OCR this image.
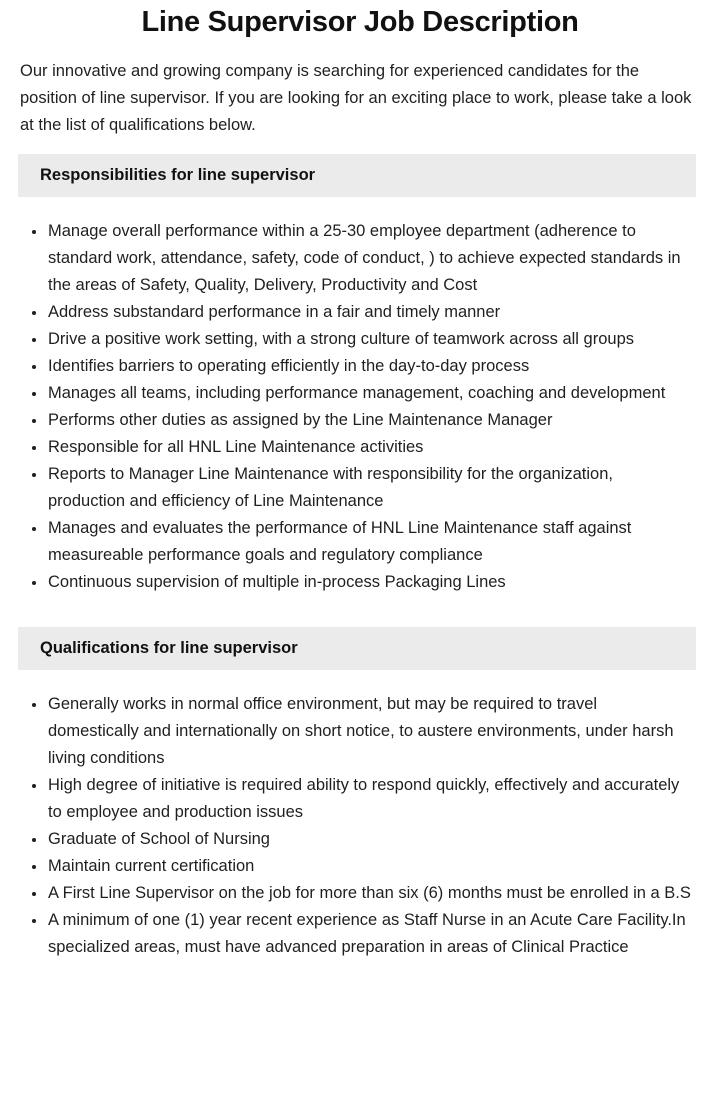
Line Supervisor Job Description

Our innovative and growing company is searching for experienced candidates for the position of line supervisor. If you are looking for an exciting place to work, please take a look at the list of qualifications below.

Responsibilities for line supervisor
• Manage overall performance within a 25-30 employee department (adherence to standard work, attendance, safety, code of conduct, ) to achieve expected standards in the areas of Safety, Quality, Delivery, Productivity and Cost
• Address substandard performance in a fair and timely manner
• Drive a positive work setting, with a strong culture of teamwork across all groups
• Identifies barriers to operating efficiently in the day-to-day process
• Manages all teams, including performance management, coaching and development
• Performs other duties as assigned by the Line Maintenance Manager
• Responsible for all HNL Line Maintenance activities
• Reports to Manager Line Maintenance with responsibility for the organization, production and efficiency of Line Maintenance
• Manages and evaluates the performance of HNL Line Maintenance staff against measureable performance goals and regulatory compliance
• Continuous supervision of multiple in-process Packaging Lines
Qualifications for line supervisor
• Generally works in normal office environment, but may be required to travel domestically and internationally on short notice, to austere environments, under harsh living conditions
• High degree of initiative is required ability to respond quickly, effectively and accurately to employee and production issues
• Graduate of School of Nursing
• Maintain current certification
• A First Line Supervisor on the job for more than six (6) months must be enrolled in a B.S
• A minimum of one (1) year recent experience as Staff Nurse in an Acute Care Facility.In specialized areas, must have advanced preparation in areas of Clinical Practice
